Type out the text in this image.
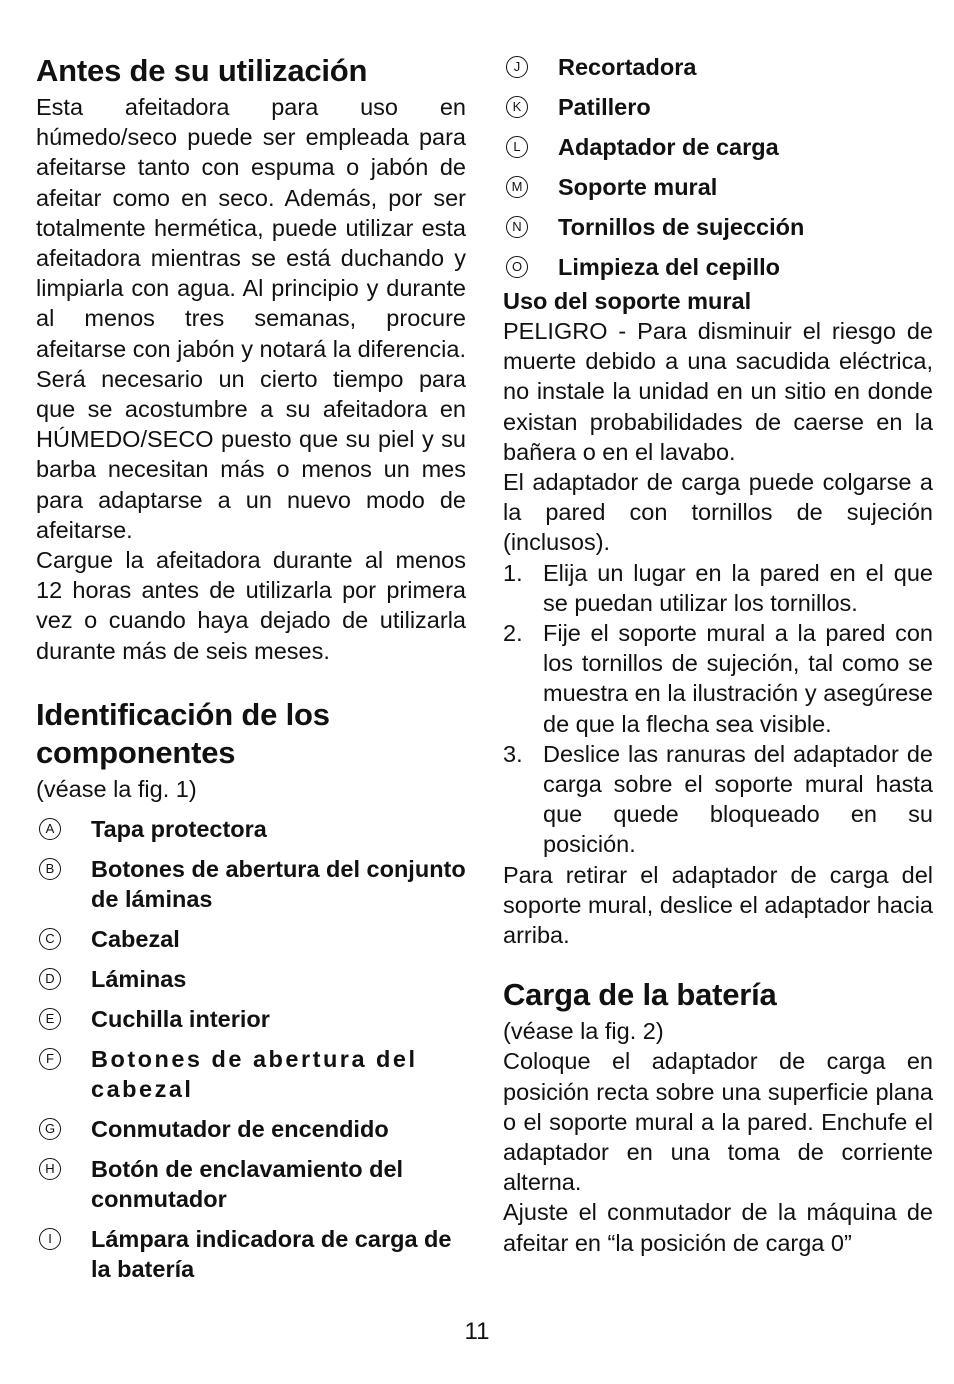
Antes de su utilización

Esta afeitadora para uso en húmedo/seco puede ser empleada para afeitarse tanto con espuma o jabón de afeitar como en seco. Además, por ser totalmente hermética, puede utilizar esta afeitadora mientras se está duchando y limpiarla con agua. Al principio y durante al menos tres semanas, procure afeitarse con jabón y notará la diferencia. Será necesario un cierto tiempo para que se acostumbre a su afeitadora en HÚMEDO/SECO puesto que su piel y su barba necesitan más o menos un mes para adaptarse a un nuevo modo de afeitarse.

Cargue la afeitadora durante al menos 12 horas antes de utilizarla por primera vez o cuando haya dejado de utilizarla durante más de seis meses.

Identificación de los componentes

(véase la fig. 1)

A Tapa protectora
B Botones de abertura del conjunto de láminas
C Cabezal
D Láminas
E Cuchilla interior
F Botones de abertura del cabezal
G Conmutador de encendido
H Botón de enclavamiento del conmutador
I	Lámpara indicadora de carga de la batería
J	Recortadora
K Patillero
L	Adaptador de carga
M Soporte mural
N Tornillos de sujección
O Limpieza del cepillo

Uso del soporte mural

PELIGRO - Para disminuir el riesgo de muerte debido a una sacudida eléctrica, no instale la unidad en un sitio en donde existan probabilidades de caerse en la bañera o en el lavabo.

El adaptador de carga puede colgarse a la pared con tornillos de sujeción (inclusos).

1. Elija un lugar en la pared en el que se puedan utilizar los tornillos.
2. Fije el soporte mural a la pared con los tornillos de sujeción, tal como se muestra en la ilustración y asegúrese de que la flecha sea visible.
3. Deslice las ranuras del adaptador de carga sobre el soporte mural hasta que quede bloqueado en su posición.

Para retirar el adaptador de carga del soporte mural, deslice el adaptador hacia arriba.

Carga de la batería

(véase la fig. 2)

Coloque el adaptador de carga en posición recta sobre una superficie plana o el soporte mural a la pared. Enchufe el adaptador en una toma de corriente alterna.

Ajuste el conmutador de la máquina de afeitar en “la posición de carga 0”

11
